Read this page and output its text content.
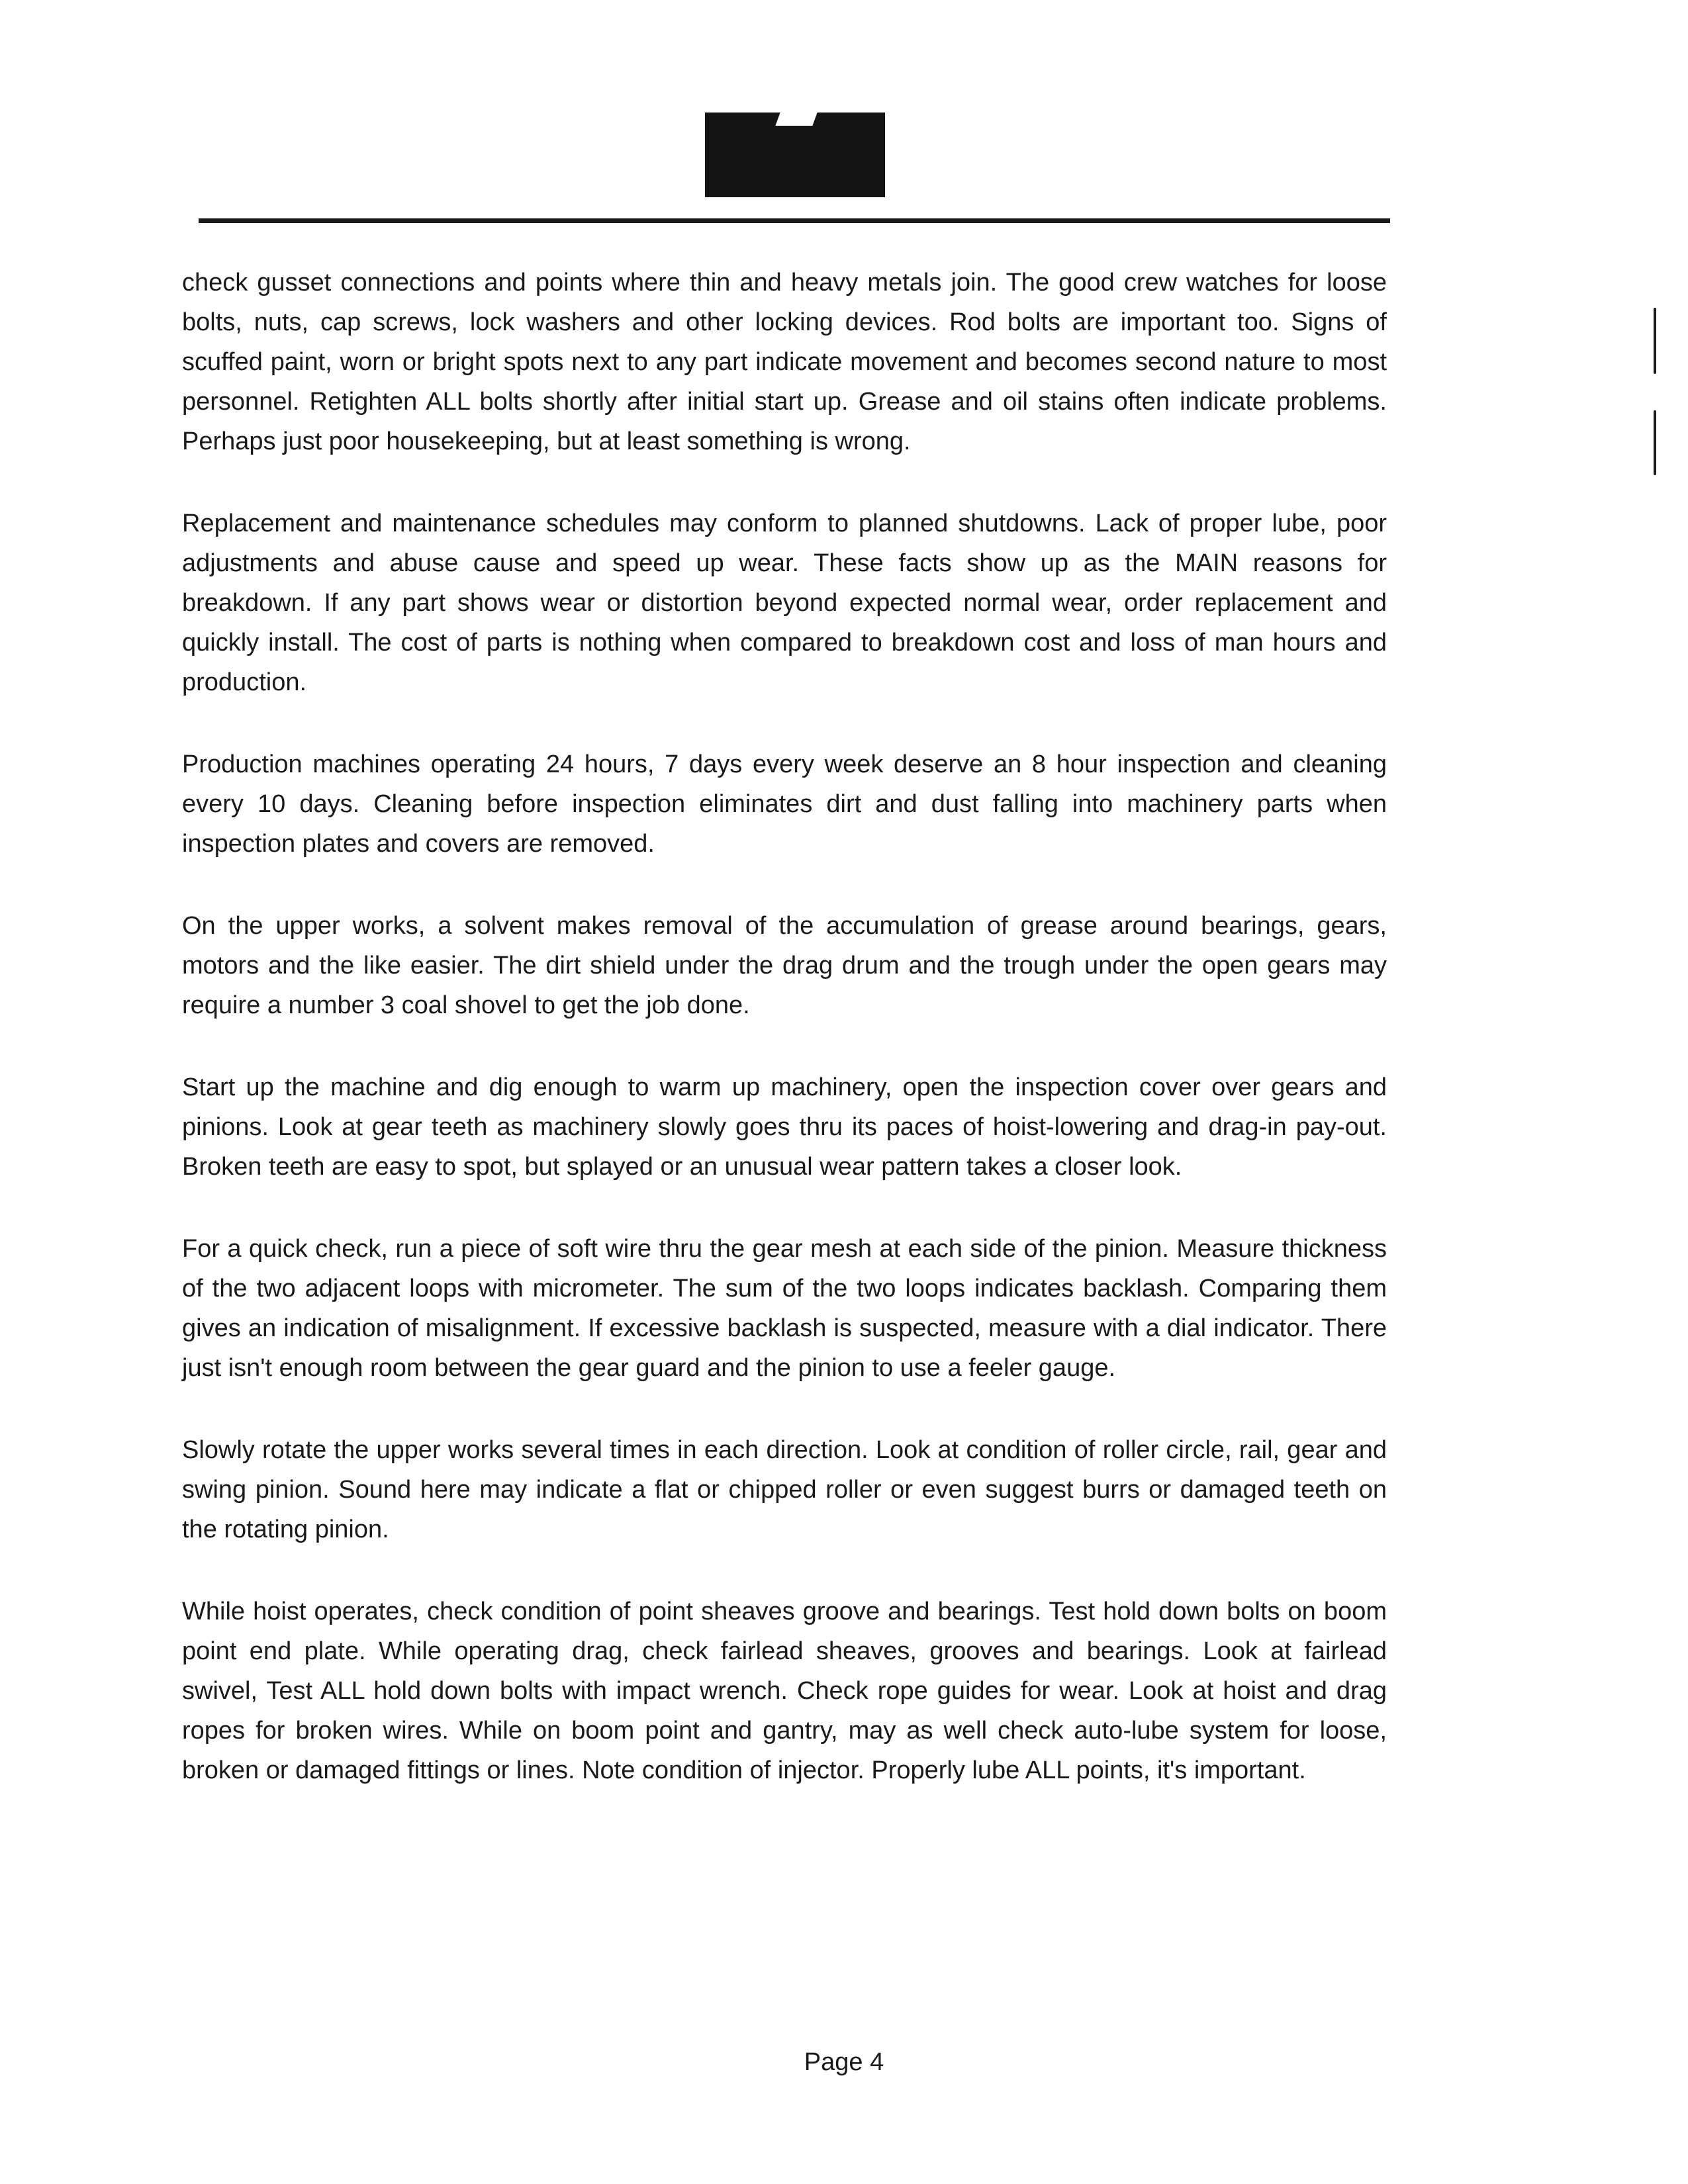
check gusset connections and points where thin and heavy metals join. The good crew watches for loose bolts, nuts, cap screws, lock washers and other locking devices. Rod bolts are important too. Signs of scuffed paint, worn or bright spots next to any part indicate movement and becomes second nature to most personnel. Retighten ALL bolts shortly after initial start up. Grease and oil stains often indicate problems. Perhaps just poor housekeeping, but at least something is wrong.

Replacement and maintenance schedules may conform to planned shutdowns. Lack of proper lube, poor adjustments and abuse cause and speed up wear. These facts show up as the MAIN reasons for breakdown. If any part shows wear or distortion beyond expected normal wear, order replacement and quickly install. The cost of parts is nothing when compared to breakdown cost and loss of man hours and production.

Production machines operating 24 hours, 7 days every week deserve an 8 hour inspection and cleaning every 10 days. Cleaning before inspection eliminates dirt and dust falling into machinery parts when inspection plates and covers are removed.

On the upper works, a solvent makes removal of the accumulation of grease around bearings, gears, motors and the like easier. The dirt shield under the drag drum and the trough under the open gears may require a number 3 coal shovel to get the job done.

Start up the machine and dig enough to warm up machinery, open the inspection cover over gears and pinions. Look at gear teeth as machinery slowly goes thru its paces of hoist-lowering and drag-in pay-out. Broken teeth are easy to spot, but splayed or an unusual wear pattern takes a closer look.

For a quick check, run a piece of soft wire thru the gear mesh at each side of the pinion. Measure thickness of the two adjacent loops with micrometer. The sum of the two loops indicates backlash. Comparing them gives an indication of misalignment. If excessive backlash is suspected, measure with a dial indicator. There just isn't enough room between the gear guard and the pinion to use a feeler gauge.

Slowly rotate the upper works several times in each direction. Look at condition of roller circle, rail, gear and swing pinion. Sound here may indicate a flat or chipped roller or even suggest burrs or damaged teeth on the rotating pinion.

While hoist operates, check condition of point sheaves groove and bearings. Test hold down bolts on boom point end plate. While operating drag, check fairlead sheaves, grooves and bearings. Look at fairlead swivel, Test ALL hold down bolts with impact wrench. Check rope guides for wear. Look at hoist and drag ropes for broken wires. While on boom point and gantry, may as well check auto-lube system for loose, broken or damaged fittings or lines. Note condition of injector. Properly lube ALL points, it's important.

Page 4
